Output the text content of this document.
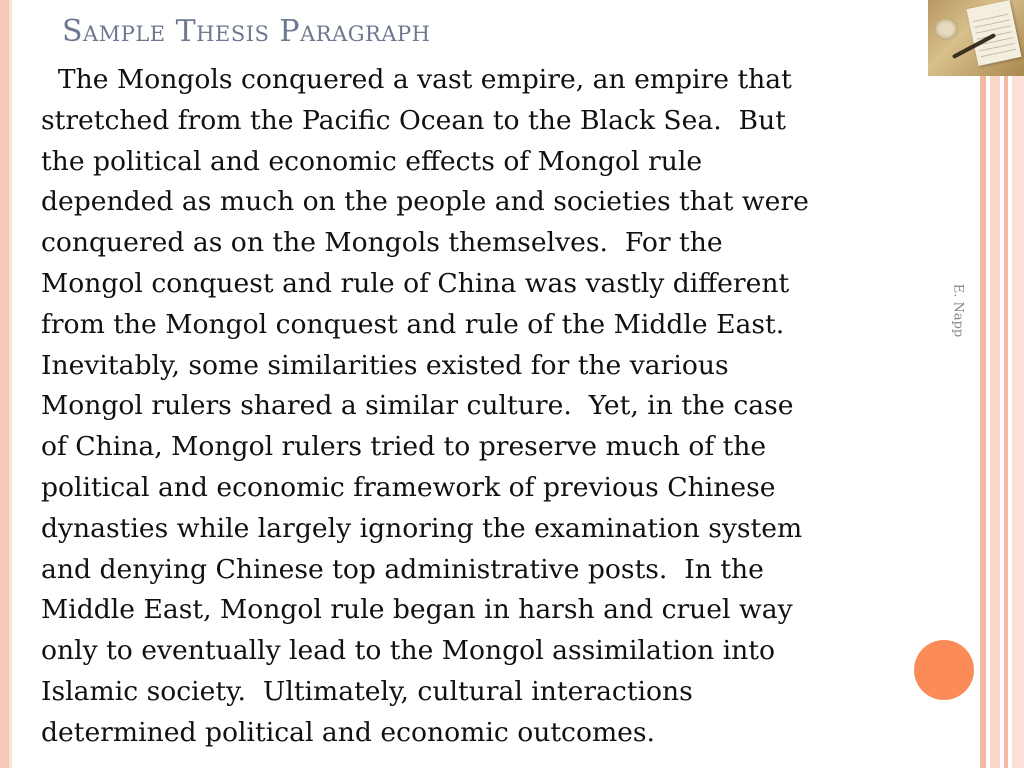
Sample Thesis Paragraph
The Mongols conquered a vast empire, an empire that
stretched from the Pacific Ocean to the Black Sea.  But
the political and economic effects of Mongol rule
depended as much on the people and societies that were
conquered as on the Mongols themselves.  For the
Mongol conquest and rule of China was vastly different
from the Mongol conquest and rule of the Middle East.
Inevitably, some similarities existed for the various
Mongol rulers shared a similar culture.  Yet, in the case
of China, Mongol rulers tried to preserve much of the
political and economic framework of previous Chinese
dynasties while largely ignoring the examination system
and denying Chinese top administrative posts.  In the
Middle East, Mongol rule began in harsh and cruel way
only to eventually lead to the Mongol assimilation into
Islamic society.  Ultimately, cultural interactions
determined political and economic outcomes.
E. Napp
